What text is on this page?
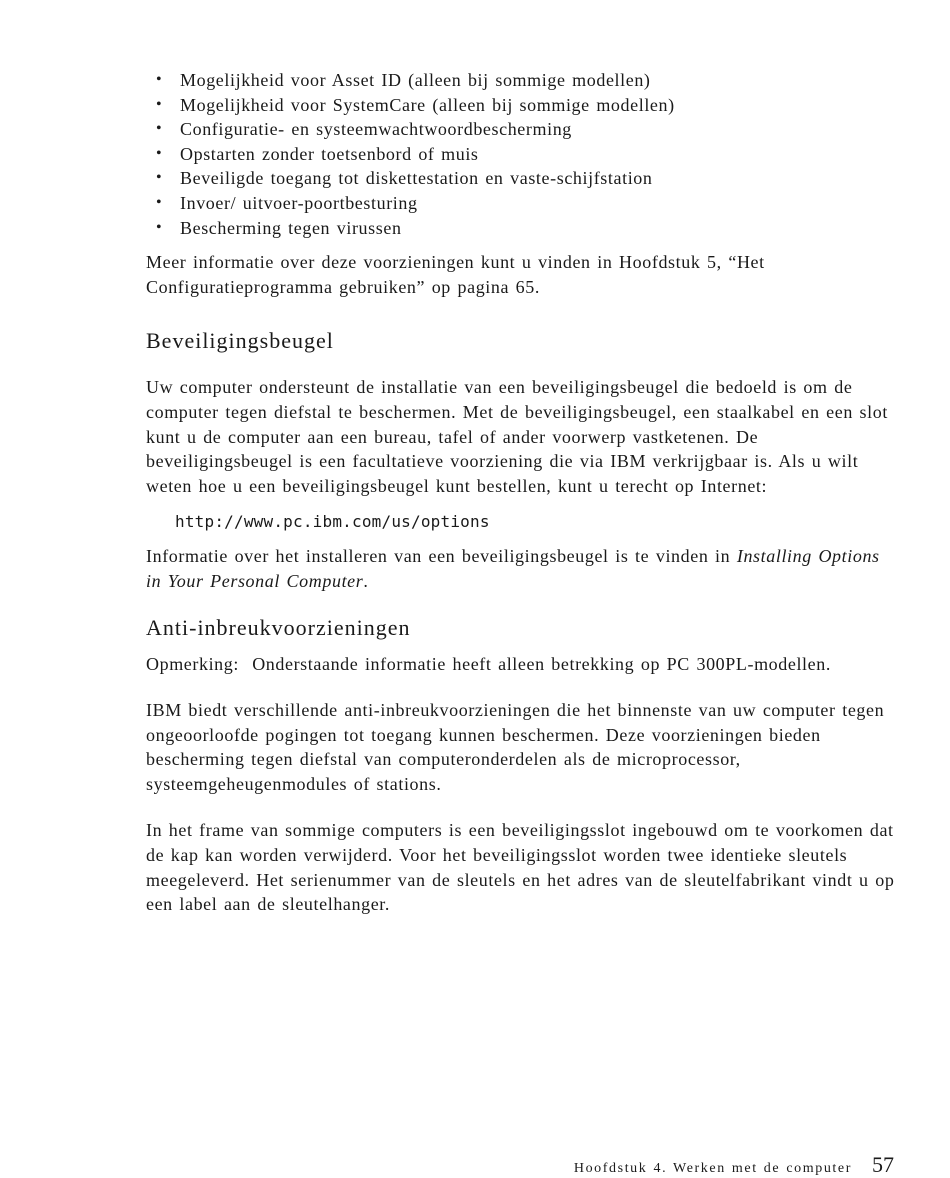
• Mogelijkheid voor Asset ID (alleen bij sommige modellen)
• Mogelijkheid voor SystemCare (alleen bij sommige modellen)
• Configuratie- en systeemwachtwoordbescherming
• Opstarten zonder toetsenbord of muis
• Beveiligde toegang tot diskettestation en vaste-schijfstation
• Invoer/ uitvoer-poortbesturing
• Bescherming tegen virussen

Meer informatie over deze voorzieningen kunt u vinden in Hoofdstuk 5, “Het Configuratieprogramma gebruiken” op pagina 65.

Beveiligingsbeugel

Uw computer ondersteunt de installatie van een beveiligingsbeugel die bedoeld is om de computer tegen diefstal te beschermen. Met de beveiligingsbeugel, een staalkabel en een slot kunt u de computer aan een bureau, tafel of ander voorwerp vastketenen. De beveiligingsbeugel is een facultatieve voorziening die via IBM verkrijgbaar is. Als u wilt weten hoe u een beveiligingsbeugel kunt bestellen, kunt u terecht op Internet:

http://www.pc.ibm.com/us/options

Informatie over het installeren van een beveiligingsbeugel is te vinden in Installing Options in Your Personal Computer.

Anti-inbreukvoorzieningen

Opmerking: Onderstaande informatie heeft alleen betrekking op PC 300PL-modellen.

IBM biedt verschillende anti-inbreukvoorzieningen die het binnenste van uw computer tegen ongeoorloofde pogingen tot toegang kunnen beschermen. Deze voorzieningen bieden bescherming tegen diefstal van computeronderdelen als de microprocessor, systeemgeheugenmodules of stations.

In het frame van sommige computers is een beveiligingsslot ingebouwd om te voorkomen dat de kap kan worden verwijderd. Voor het beveiligingsslot worden twee identieke sleutels meegeleverd. Het serienummer van de sleutels en het adres van de sleutelfabrikant vindt u op een label aan de sleutelhanger.

Hoofdstuk 4. Werken met de computer 57
